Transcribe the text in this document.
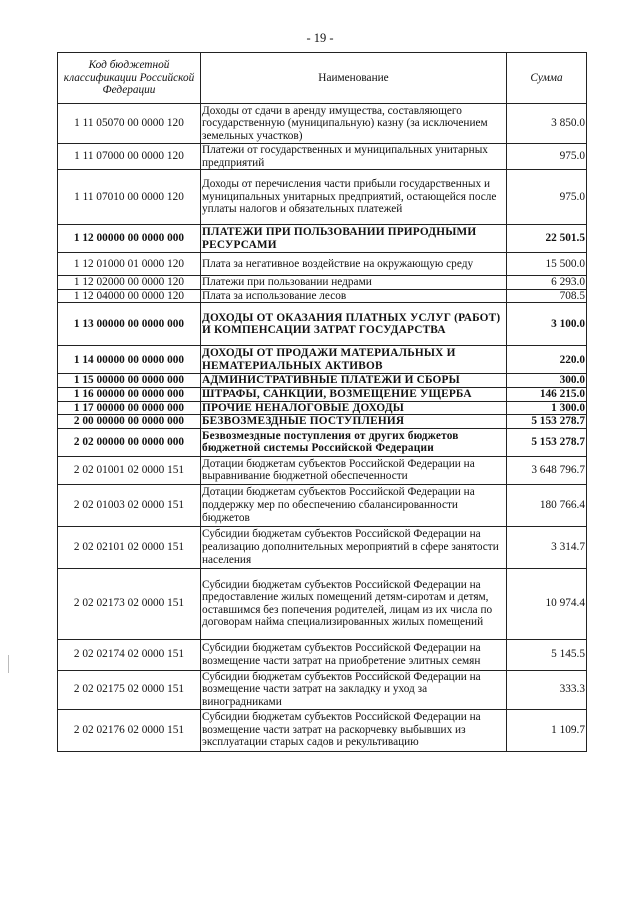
- 19 -
Код бюджетной классификации Российской Федерации	Наименование	Сумма
1 11 05070 00 0000 120	Доходы от сдачи в аренду имущества, составляющего государственную (муниципальную) казну (за исключением земельных участков)	3 850.0
1 11 07000 00 0000 120	Платежи от государственных и муниципальных унитарных предприятий	975.0
1 11 07010 00 0000 120	Доходы от перечисления части прибыли государственных и муниципальных унитарных предприятий, остающейся после уплаты налогов и обязательных платежей	975.0
1 12 00000 00 0000 000	ПЛАТЕЖИ ПРИ ПОЛЬЗОВАНИИ ПРИРОДНЫМИ РЕСУРСАМИ	22 501.5
1 12 01000 01 0000 120	Плата за негативное воздействие на окружающую среду	15 500.0
1 12 02000 00 0000 120	Платежи при пользовании недрами	6 293.0
1 12 04000 00 0000 120	Плата за использование лесов	708.5
1 13 00000 00 0000 000	ДОХОДЫ ОТ ОКАЗАНИЯ ПЛАТНЫХ УСЛУГ (РАБОТ) И КОМПЕНСАЦИИ ЗАТРАТ ГОСУДАРСТВА	3 100.0
1 14 00000 00 0000 000	ДОХОДЫ ОТ ПРОДАЖИ МАТЕРИАЛЬНЫХ И НЕМАТЕРИАЛЬНЫХ АКТИВОВ	220.0
1 15 00000 00 0000 000	АДМИНИСТРАТИВНЫЕ ПЛАТЕЖИ И СБОРЫ	300.0
1 16 00000 00 0000 000	ШТРАФЫ, САНКЦИИ, ВОЗМЕЩЕНИЕ УЩЕРБА	146 215.0
1 17 00000 00 0000 000	ПРОЧИЕ НЕНАЛОГОВЫЕ ДОХОДЫ	1 300.0
2 00 00000 00 0000 000	БЕЗВОЗМЕЗДНЫЕ ПОСТУПЛЕНИЯ	5 153 278.7
2 02 00000 00 0000 000	Безвозмездные поступления от других бюджетов бюджетной системы Российской Федерации	5 153 278.7
2 02 01001 02 0000 151	Дотации бюджетам субъектов Российской Федерации на выравнивание бюджетной обеспеченности	3 648 796.7
2 02 01003 02 0000 151	Дотации бюджетам субъектов Российской Федерации на поддержку мер по обеспечению сбалансированности бюджетов	180 766.4
2 02 02101 02 0000 151	Субсидии бюджетам субъектов Российской Федерации на реализацию дополнительных мероприятий в сфере занятости населения	3 314.7
2 02 02173 02 0000 151	Субсидии бюджетам субъектов Российской Федерации на предоставление жилых помещений детям-сиротам и детям, оставшимся без попечения родителей, лицам из их числа по договорам найма специализированных жилых помещений	10 974.4
2 02 02174 02 0000 151	Субсидии бюджетам субъектов Российской Федерации на возмещение части затрат на приобретение элитных семян	5 145.5
2 02 02175 02 0000 151	Субсидии бюджетам субъектов Российской Федерации на возмещение части затрат на закладку и уход за виноградниками	333.3
2 02 02176 02 0000 151	Субсидии бюджетам субъектов Российской Федерации на возмещение части затрат на раскорчевку выбывших из эксплуатации старых садов и рекультивацию	1 109.7
